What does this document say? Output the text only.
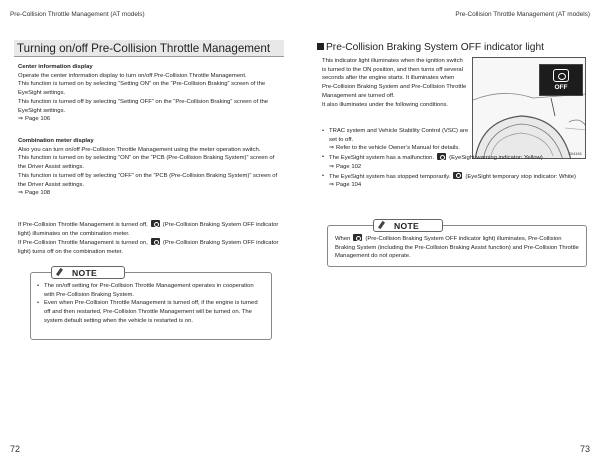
Pre-Collision Throttle Management (AT models)
Turning on/off Pre-Collision Throttle Management
Center information display
Operate the center information display to turn on/off Pre-Collision Throttle Management.
This function is turned on by selecting “Setting ON” on the “Pre-Collision Braking” screen of the EyeSight settings.
This function is turned off by selecting “Setting OFF” on the “Pre-Collision Braking” screen of the EyeSight settings.
⇒ Page 106
Combination meter display
Also you can turn on/off Pre-Collision Throttle Management using the meter operation switch.
This function is turned on by selecting “ON” on the “PCB (Pre-Collision Braking System)” screen of the Driver Assist settings.
This function is turned off by selecting “OFF” on the “PCB (Pre-Collision Braking System)” screen of the Driver Assist settings.
⇒ Page 108
If Pre-Collision Throttle Management is turned off,	(Pre-Collision Braking System OFF indicator light) illuminates on the combination meter.
If Pre-Collision Throttle Management is turned on,	(Pre-Collision Braking System OFF indicator light) turns off on the combination meter.
NOTE
• The on/off setting for Pre-Collision Throttle Management operates in cooperation with Pre-Collision Braking System.
• Even when Pre-Collision Throttle Management is turned off, if the engine is turned off and then restarted, Pre-Collision Throttle Management will be turned on. The system default setting when the vehicle is restarted is on.
72
Pre-Collision Throttle Management (AT models)
Pre-Collision Braking System OFF indicator light
This indicator light illuminates when the ignition switch is turned to the ON position, and then turns off several seconds after the engine starts. It illuminates when Pre-Collision Braking System and Pre-Collision Throttle Management are turned off.
It also illuminates under the following conditions.
OFF
S04161
• TRAC system and Vehicle Stability Control (VSC) are set to off.
⇒ Refer to the vehicle Owner’s Manual for details.
• The EyeSight system has a malfunction.	(EyeSight warning indicator: Yellow)
⇒ Page 102
• The EyeSight system has stopped temporarily.	(EyeSight temporary stop indicator: White)
⇒ Page 104
NOTE
When	(Pre-Collision Braking System OFF indicator light) illuminates, Pre-Collision Braking System (including the Pre-Collision Braking Assist function) and Pre-Collision Throttle Management do not operate.
73
